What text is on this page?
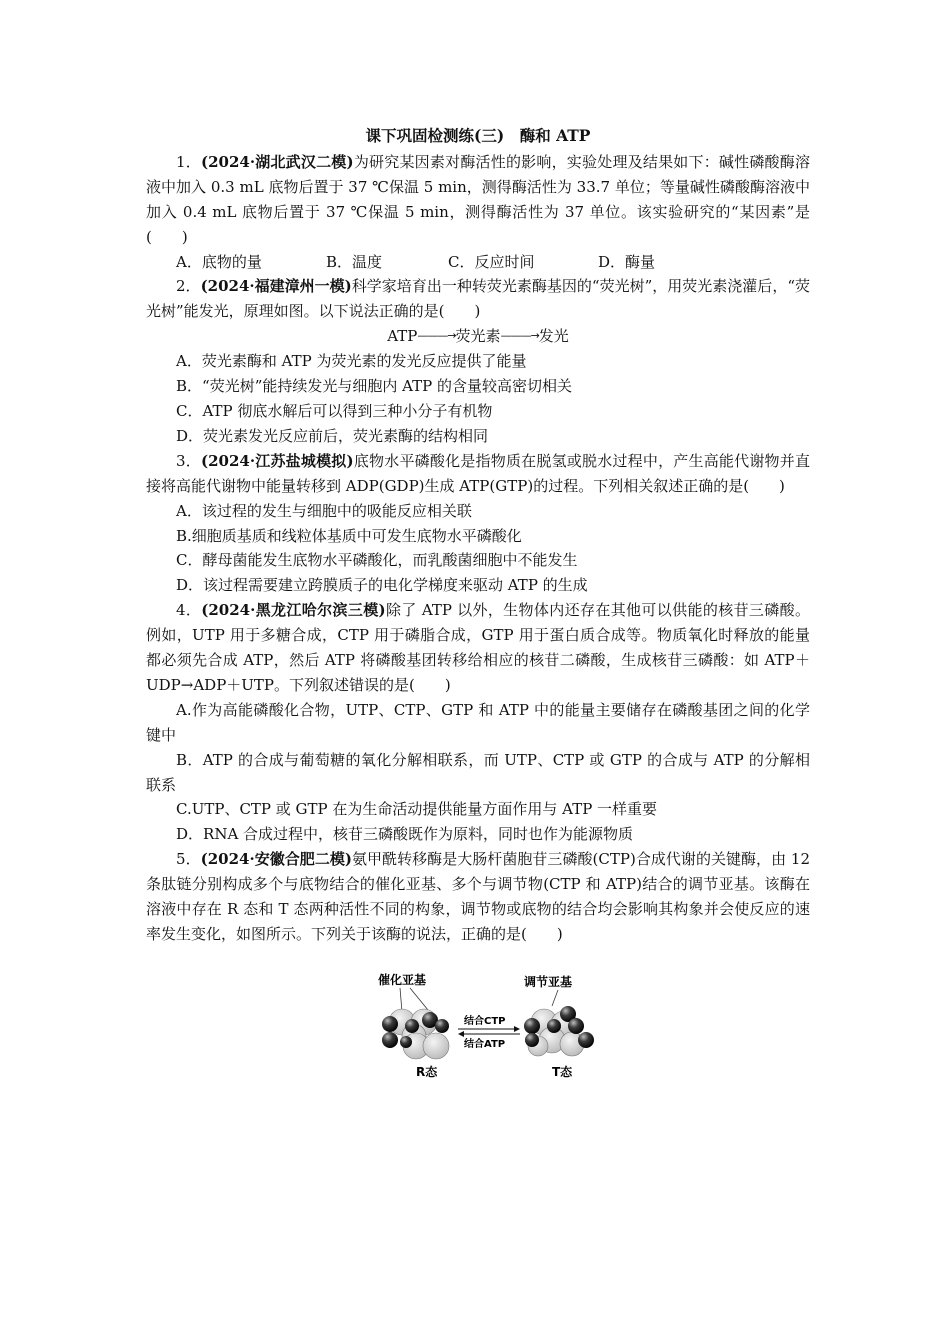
课下巩固检测练(三)　酶和 ATP

1．(2024·湖北武汉二模)为研究某因素对酶活性的影响，实验处理及结果如下：碱性磷酸酶溶液中加入 0.3 mL 底物后置于 37 ℃保温 5 min，测得酶活性为 33.7 单位；等量碱性磷酸酶溶液中加入 0.4 mL 底物后置于 37 ℃保温 5 min，测得酶活性为 37 单位。该实验研究的“某因素”是(　　)

A．底物的量	B．温度	C．反应时间	D．酶量

2．(2024·福建漳州一模)科学家培育出一种转荧光素酶基因的“荧光树”，用荧光素浇灌后，“荧光树”能发光，原理如图。以下说法正确的是(　　)

ATP———→荧光素———→发光

A．荧光素酶和 ATP 为荧光素的发光反应提供了能量

B．“荧光树”能持续发光与细胞内 ATP 的含量较高密切相关

C．ATP 彻底水解后可以得到三种小分子有机物

D．荧光素发光反应前后，荧光素酶的结构相同

3．(2024·江苏盐城模拟)底物水平磷酸化是指物质在脱氢或脱水过程中，产生高能代谢物并直接将高能代谢物中能量转移到 ADP(GDP)生成 ATP(GTP)的过程。下列相关叙述正确的是(　　)

A．该过程的发生与细胞中的吸能反应相关联

B.细胞质基质和线粒体基质中可发生底物水平磷酸化

C．酵母菌能发生底物水平磷酸化，而乳酸菌细胞中不能发生

D．该过程需要建立跨膜质子的电化学梯度来驱动 ATP 的生成

4．(2024·黑龙江哈尔滨三模)除了 ATP 以外，生物体内还存在其他可以供能的核苷三磷酸。例如，UTP 用于多糖合成，CTP 用于磷脂合成，GTP 用于蛋白质合成等。物质氧化时释放的能量都必须先合成 ATP，然后 ATP 将磷酸基团转移给相应的核苷二磷酸，生成核苷三磷酸：如 ATP＋UDP→ADP＋UTP。下列叙述错误的是(　　)

A.作为高能磷酸化合物，UTP、CTP、GTP 和 ATP 中的能量主要储存在磷酸基团之间的化学键中

B．ATP 的合成与葡萄糖的氧化分解相联系，而 UTP、CTP 或 GTP 的合成与 ATP 的分解相联系

C.UTP、CTP 或 GTP 在为生命活动提供能量方面作用与 ATP 一样重要

D．RNA 合成过程中，核苷三磷酸既作为原料，同时也作为能源物质

5．(2024·安徽合肥二模)氨甲酰转移酶是大肠杆菌胞苷三磷酸(CTP)合成代谢的关键酶，由 12 条肽链分别构成多个与底物结合的催化亚基、多个与调节物(CTP 和 ATP)结合的调节亚基。该酶在溶液中存在 R 态和 T 态两种活性不同的构象，调节物或底物的结合均会影响其构象并会使反应的速率发生变化，如图所示。下列关于该酶的说法，正确的是(　　)

催化亚基	调节亚基
结合CTP
结合ATP
R态	T态
